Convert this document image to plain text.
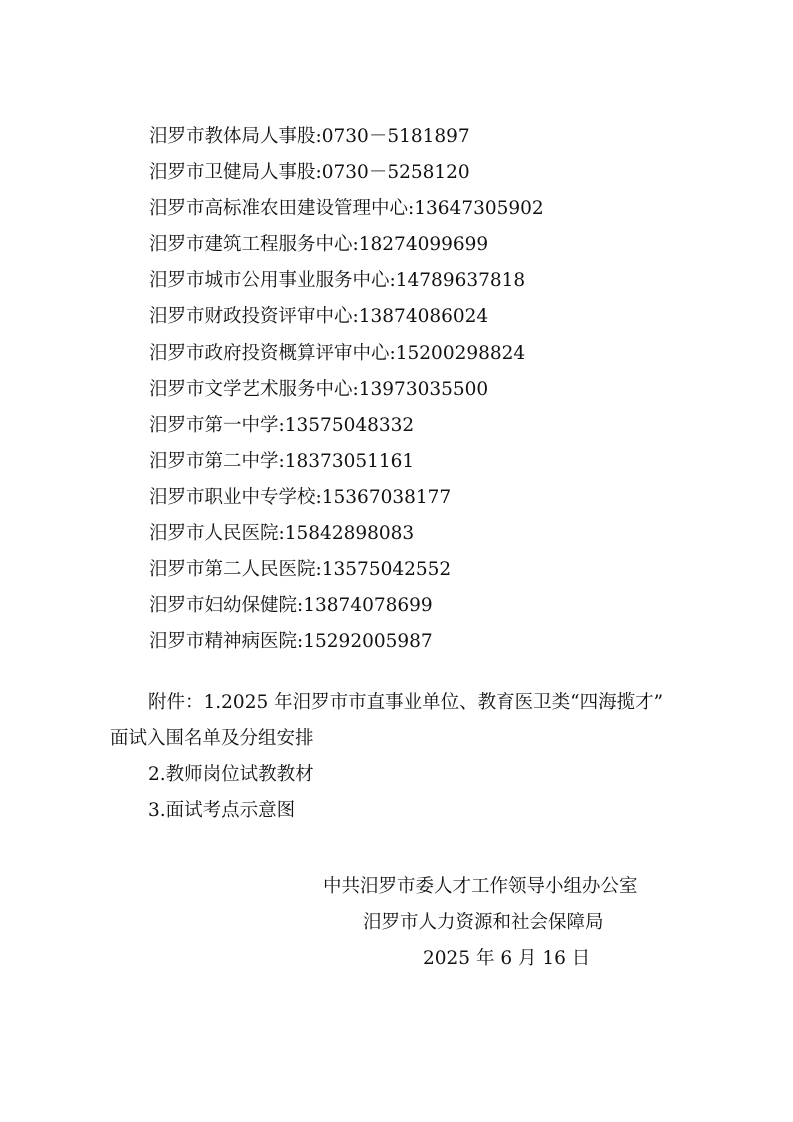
汨罗市教体局人事股:0730－5181897
汨罗市卫健局人事股:0730－5258120
汨罗市高标准农田建设管理中心:13647305902
汨罗市建筑工程服务中心:18274099699
汨罗市城市公用事业服务中心:14789637818
汨罗市财政投资评审中心:13874086024
汨罗市政府投资概算评审中心:15200298824
汨罗市文学艺术服务中心:13973035500
汨罗市第一中学:13575048332
汨罗市第二中学:18373051161
汨罗市职业中专学校:15367038177
汨罗市人民医院:15842898083
汨罗市第二人民医院:13575042552
汨罗市妇幼保健院:13874078699
汨罗市精神病医院:15292005987
附件：1.2025 年汨罗市市直事业单位、教育医卫类“四海揽才”
面试入围名单及分组安排
2.教师岗位试教教材
3.面试考点示意图
中共汨罗市委人才工作领导小组办公室
汨罗市人力资源和社会保障局
2025 年 6 月 16 日
